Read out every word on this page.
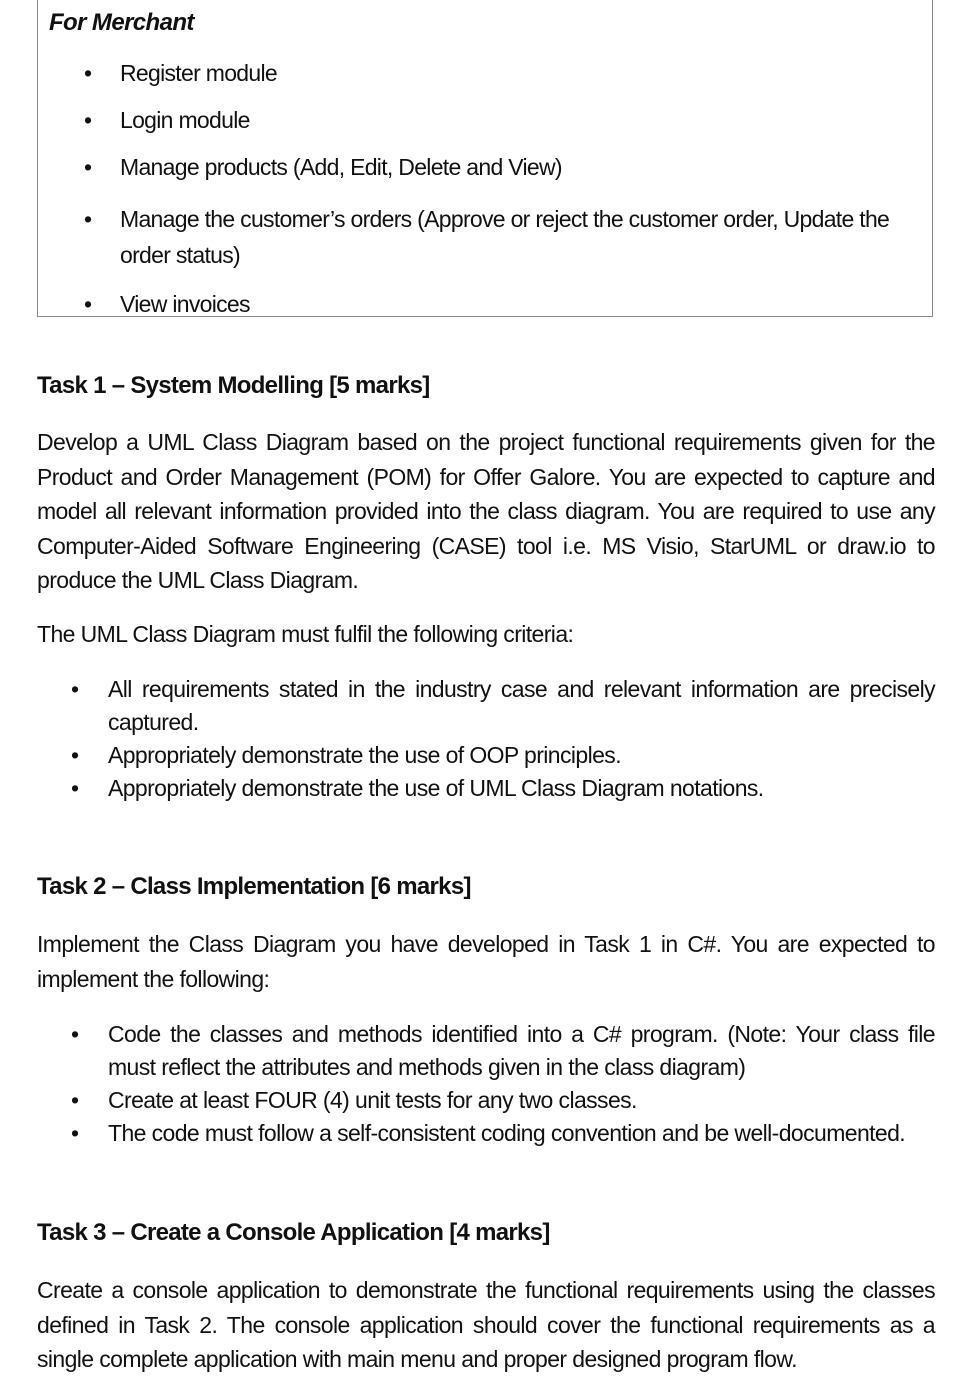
For Merchant

• Register module
• Login module
• Manage products (Add, Edit, Delete and View)
• Manage the customer’s orders (Approve or reject the customer order, Update the order status)
• View invoices
Task 1 – System Modelling [5 marks]

Develop a UML Class Diagram based on the project functional requirements given for the Product and Order Management (POM) for Offer Galore. You are expected to capture and model all relevant information provided into the class diagram. You are required to use any Computer-Aided Software Engineering (CASE) tool i.e. MS Visio, StarUML or draw.io to produce the UML Class Diagram.

The UML Class Diagram must fulfil the following criteria:

• All requirements stated in the industry case and relevant information are precisely captured.
• Appropriately demonstrate the use of OOP principles.
• Appropriately demonstrate the use of UML Class Diagram notations.
Task 2 – Class Implementation [6 marks]

Implement the Class Diagram you have developed in Task 1 in C#. You are expected to implement the following:

• Code the classes and methods identified into a C# program. (Note: Your class file must reflect the attributes and methods given in the class diagram)
• Create at least FOUR (4) unit tests for any two classes.
• The code must follow a self-consistent coding convention and be well-documented.
Task 3 – Create a Console Application [4 marks]

Create a console application to demonstrate the functional requirements using the classes defined in Task 2. The console application should cover the functional requirements as a single complete application with main menu and proper designed program flow.
